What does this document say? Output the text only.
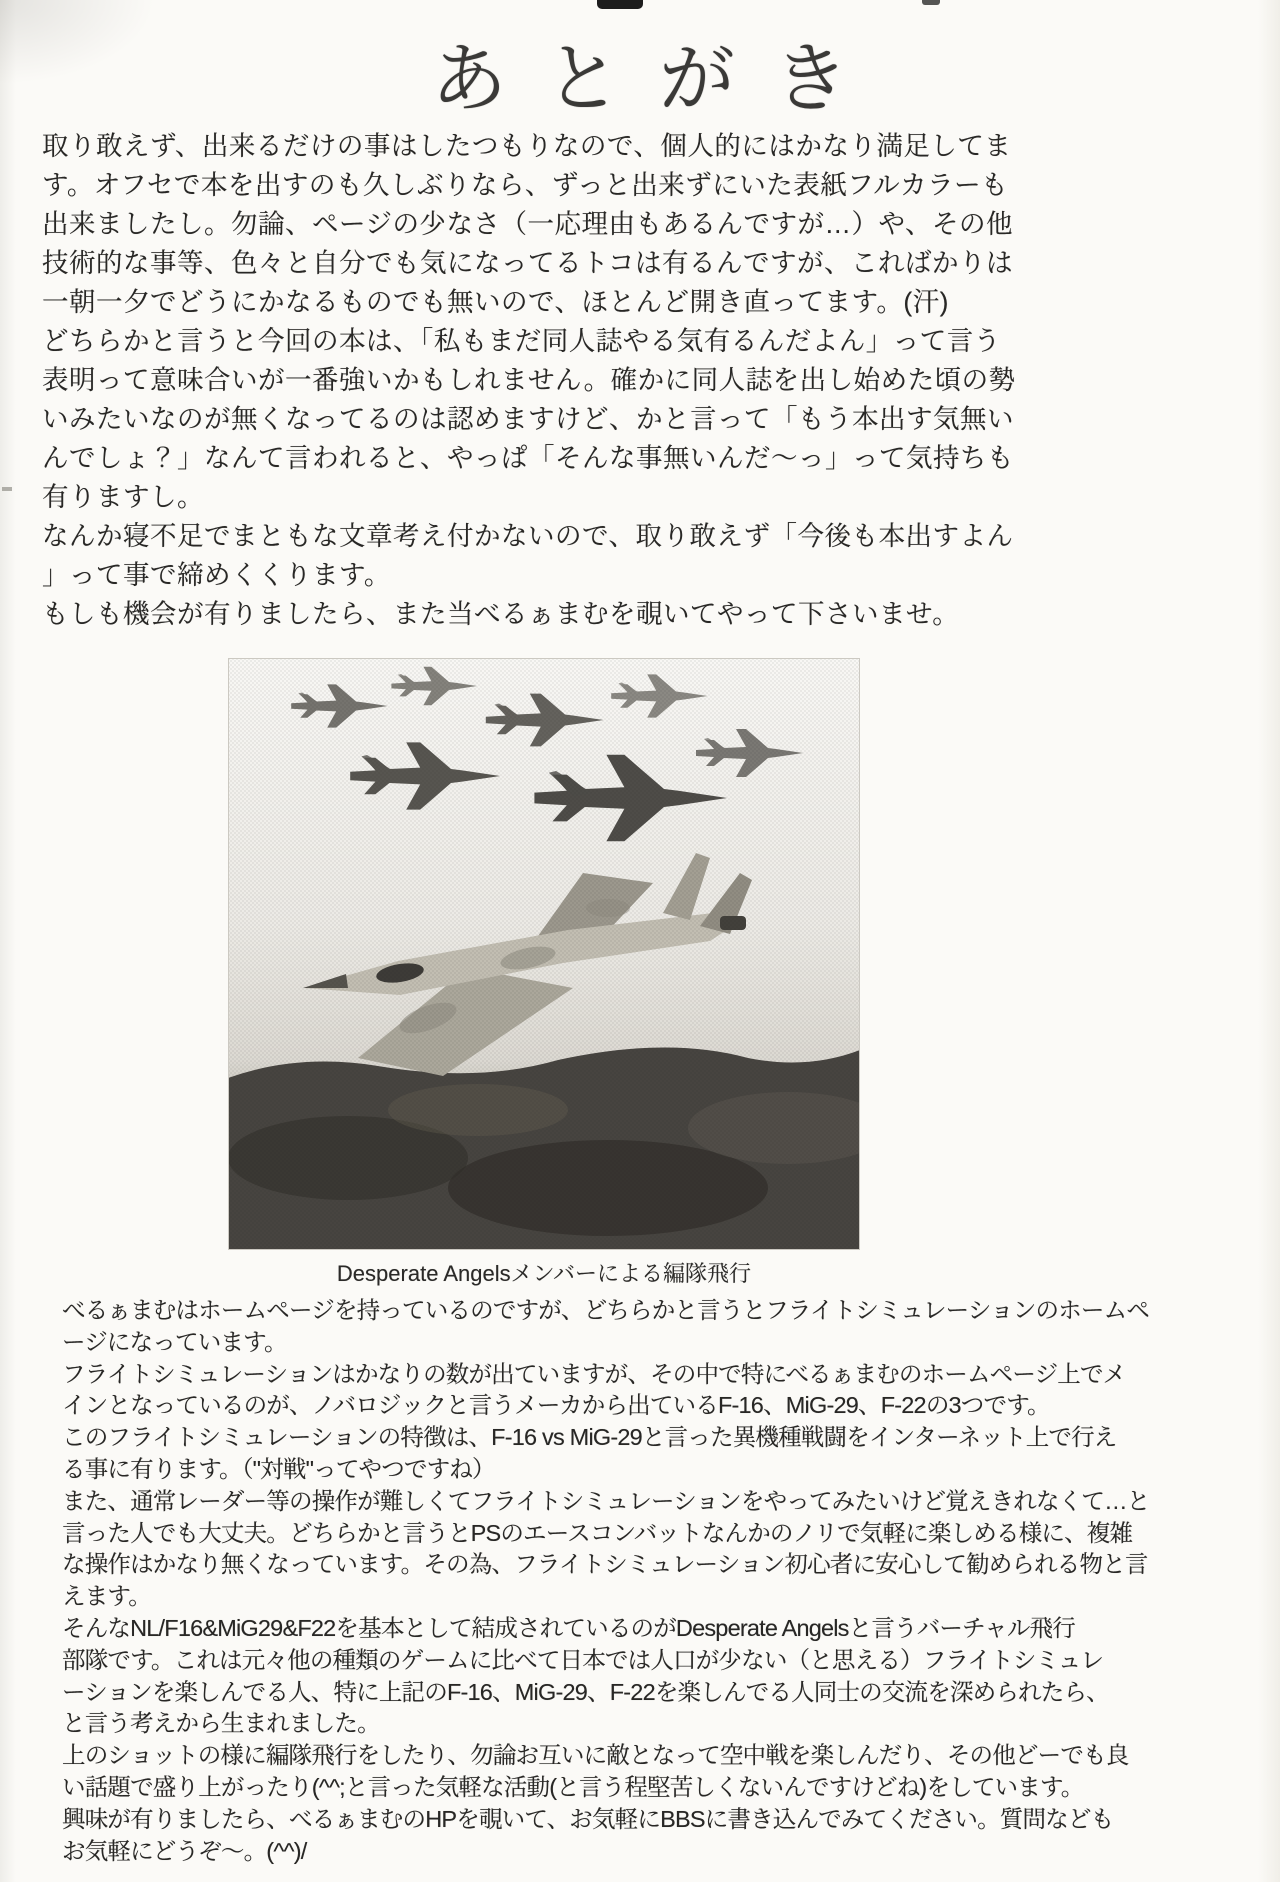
あとがき
取り敢えず、出来るだけの事はしたつもりなので、個人的にはかなり満足してま
す。オフセで本を出すのも久しぶりなら、ずっと出来ずにいた表紙フルカラーも
出来ましたし。勿論、ページの少なさ（一応理由もあるんですが…）や、その他
技術的な事等、色々と自分でも気になってるトコは有るんですが、こればかりは
一朝一夕でどうにかなるものでも無いので、ほとんど開き直ってます。(汗)
どちらかと言うと今回の本は、「私もまだ同人誌やる気有るんだよん」って言う
表明って意味合いが一番強いかもしれません。確かに同人誌を出し始めた頃の勢
いみたいなのが無くなってるのは認めますけど、かと言って「もう本出す気無い
んでしょ？」なんて言われると、やっぱ「そんな事無いんだ～っ」って気持ちも
有りますし。
なんか寝不足でまともな文章考え付かないので、取り敢えず「今後も本出すよん
」って事で締めくくります。
もしも機会が有りましたら、また当べるぁまむを覗いてやって下さいませ。
Desperate Angelsメンバーによる編隊飛行
べるぁまむはホームページを持っているのですが、どちらかと言うとフライトシミュレーションのホームペ
ージになっています。
フライトシミュレーションはかなりの数が出ていますが、その中で特にべるぁまむのホームページ上でメ
インとなっているのが、ノバロジックと言うメーカから出ているF-16、MiG-29、F-22の3つです。
このフライトシミュレーションの特徴は、F-16 vs MiG-29と言った異機種戦闘をインターネット上で行え
る事に有ります。（"対戦"ってやつですね）
また、通常レーダー等の操作が難しくてフライトシミュレーションをやってみたいけど覚えきれなくて…と
言った人でも大丈夫。どちらかと言うとPSのエースコンバットなんかのノリで気軽に楽しめる様に、複雑
な操作はかなり無くなっています。その為、フライトシミュレーション初心者に安心して勧められる物と言
えます。
そんなNL/F16&MiG29&F22を基本として結成されているのがDesperate Angelsと言うバーチャル飛行
部隊です。これは元々他の種類のゲームに比べて日本では人口が少ない（と思える）フライトシミュレ
ーションを楽しんでる人、特に上記のF-16、MiG-29、F-22を楽しんでる人同士の交流を深められたら、
と言う考えから生まれました。
上のショットの様に編隊飛行をしたり、勿論お互いに敵となって空中戦を楽しんだり、その他どーでも良
い話題で盛り上がったり(^^;と言った気軽な活動(と言う程堅苦しくないんですけどね)をしています。
興味が有りましたら、べるぁまむのHPを覗いて、お気軽にBBSに書き込んでみてください。質問なども
お気軽にどうぞ～。(^^)/
